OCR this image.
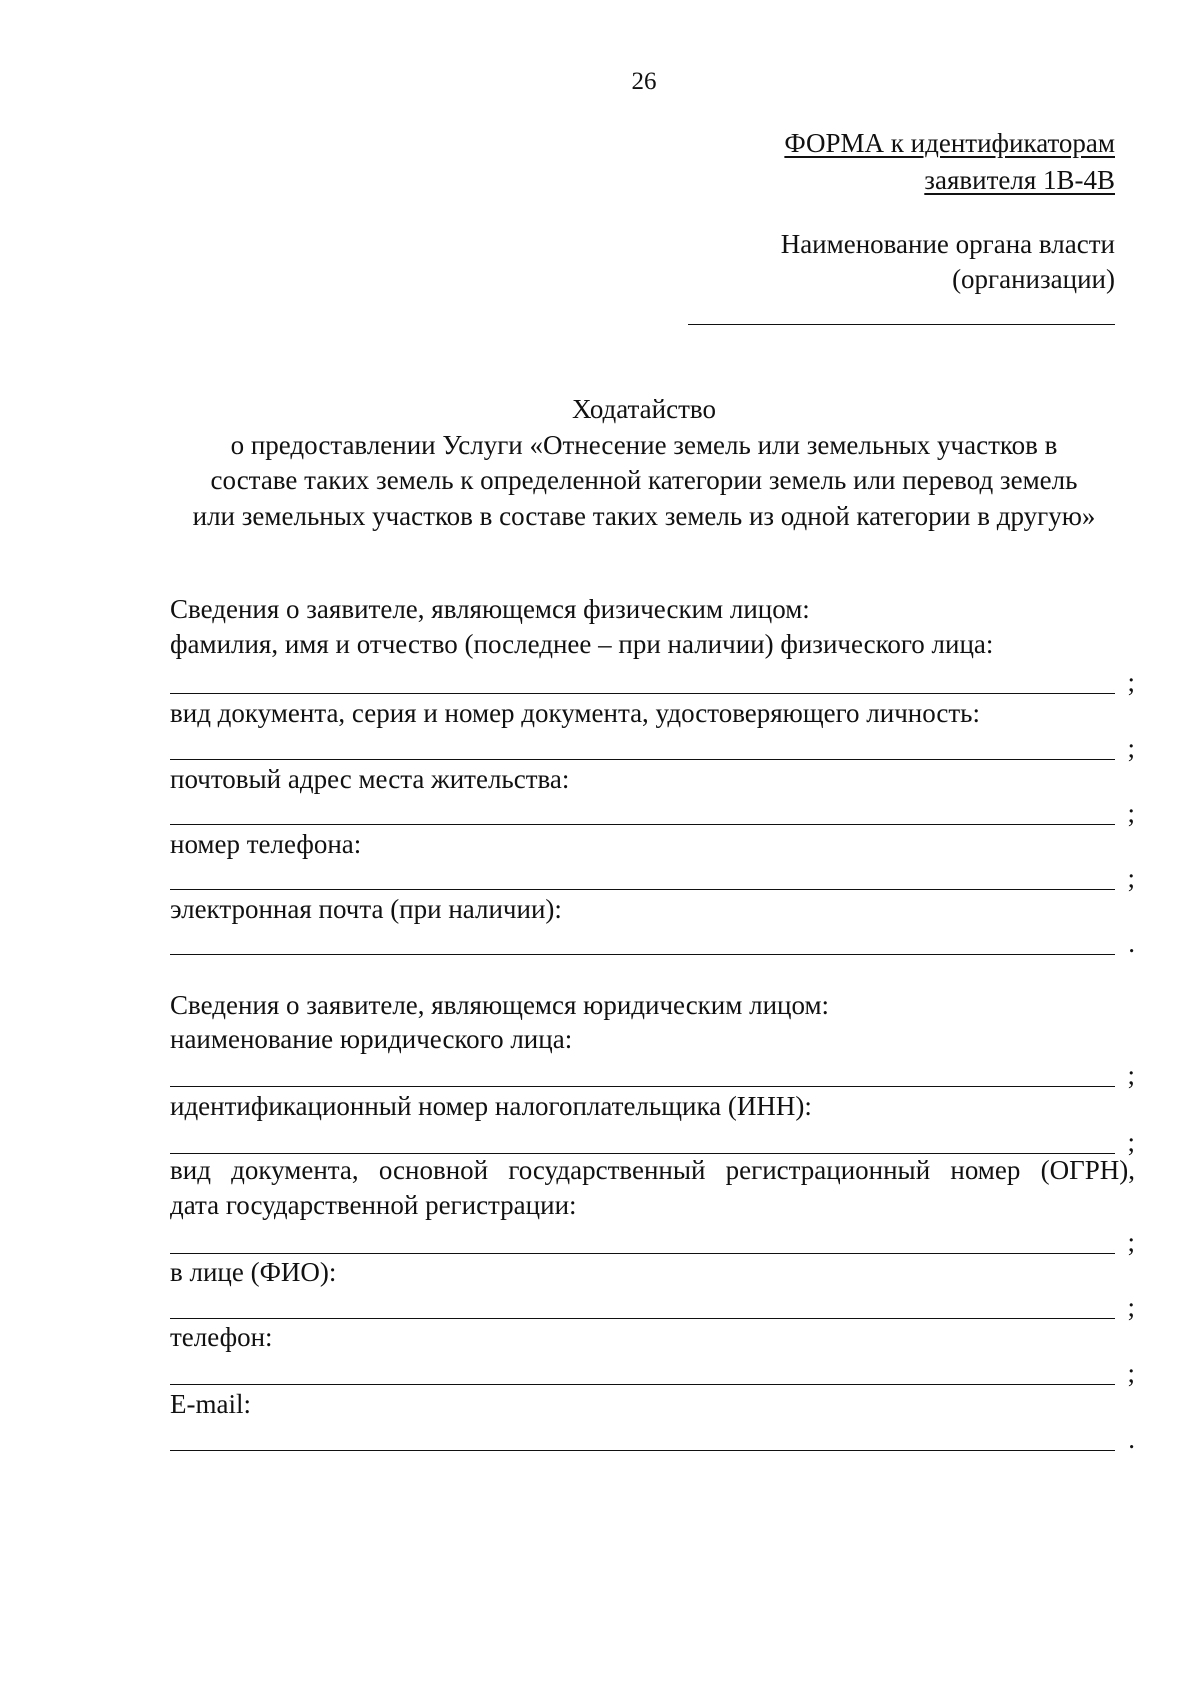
26
ФОРМА к идентификаторам
заявителя 1В-4В
Наименование органа власти
(организации)
Ходатайство
о предоставлении Услуги «Отнесение земель или земельных участков в
составе таких земель к определенной категории земель или перевод земель
или земельных участков в составе таких земель из одной категории в другую»
Сведения о заявителе, являющемся физическим лицом:
фамилия, имя и отчество (последнее – при наличии) физического лица:
;
вид документа, серия и номер документа, удостоверяющего личность:
;
почтовый адрес места жительства:
;
номер телефона:
;
электронная почта (при наличии):
.
Сведения о заявителе, являющемся юридическим лицом:
наименование юридического лица:
;
идентификационный номер налогоплательщика (ИНН):
;
вид документа, основной государственный регистрационный номер (ОГРН),
дата государственной регистрации:
;
в лице (ФИО):
;
телефон:
;
E-mail:
.
